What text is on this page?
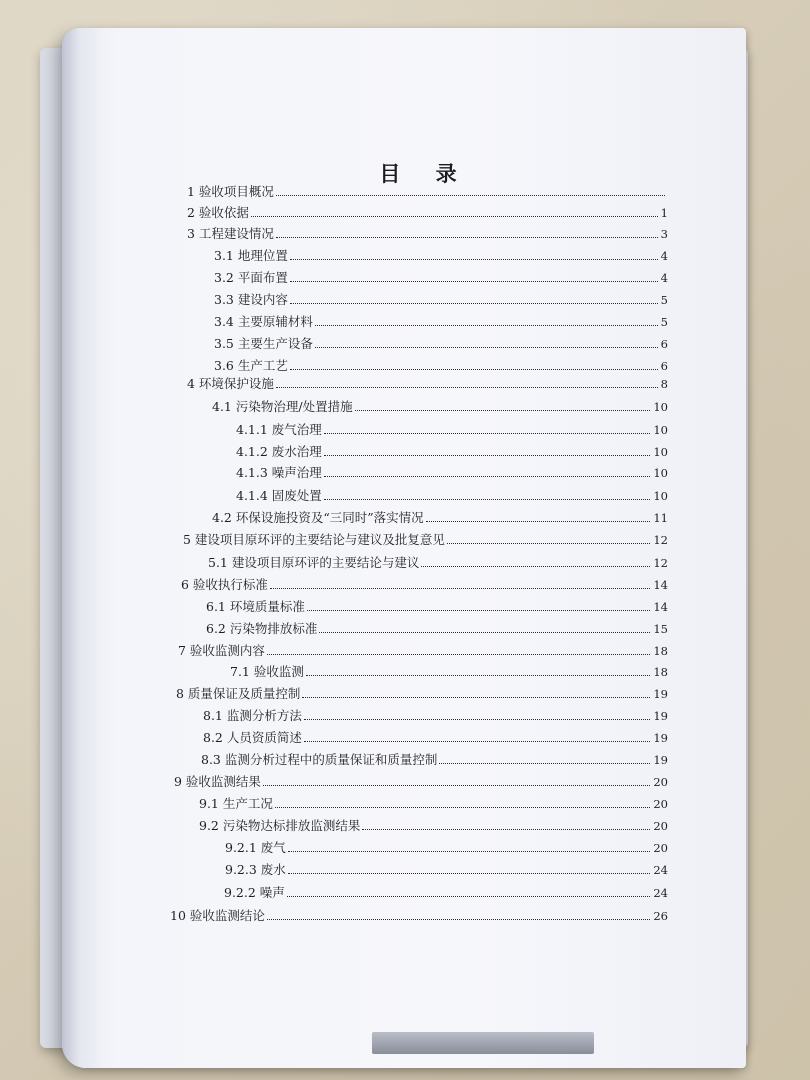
目 录
1 验收项目概况
2 验收依据	1
3 工程建设情况	3
3.1 地理位置	4
3.2 平面布置	4
3.3 建设内容	5
3.4 主要原辅材料	5
3.5 主要生产设备	6
3.6 生产工艺	6
4 环境保护设施	8
4.1 污染物治理/处置措施	10
4.1.1 废气治理	10
4.1.2 废水治理	10
4.1.3 噪声治理	10
4.1.4 固废处置	10
4.2 环保设施投资及“三同时”落实情况	11
5 建设项目原环评的主要结论与建议及批复意见	12
5.1 建设项目原环评的主要结论与建议	12
6 验收执行标准	14
6.1 环境质量标准	14
6.2 污染物排放标准	15
7 验收监测内容	18
7.1 验收监测	18
8 质量保证及质量控制	19
8.1 监测分析方法	19
8.2 人员资质简述	19
8.3 监测分析过程中的质量保证和质量控制	19
9 验收监测结果	20
9.1 生产工况	20
9.2 污染物达标排放监测结果	20
9.2.1 废气	20
9.2.3 废水	24
9.2.2 噪声	24
10 验收监测结论	26
